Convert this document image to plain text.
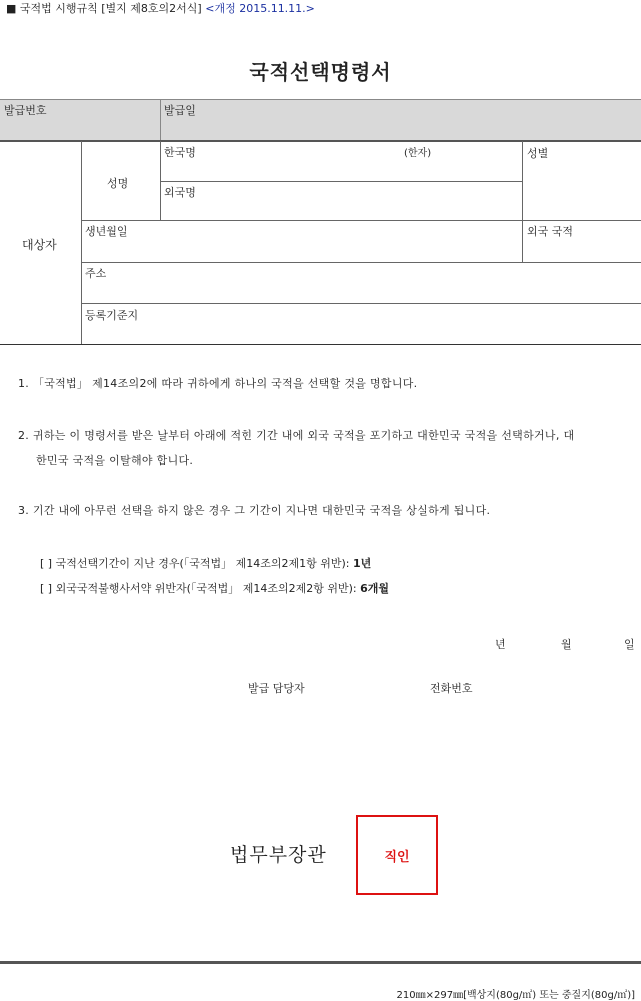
■ 국적법 시행규칙 [별지 제8호의2서식] <개정 2015.11.11.>
국적선택명령서
발급번호	발급일
대상자
성명
한국명	(한자)
외국명
성별
생년월일	외국 국적
주소
등록기준지
1. 「국적법」 제14조의2에 따라 귀하에게 하나의 국적을 선택할 것을 명합니다.
2. 귀하는 이 명령서를 받은 날부터 아래에 적힌 기간 내에 외국 국적을 포기하고 대한민국 국적을 선택하거나, 대
한민국 국적을 이탈해야 합니다.
3. 기간 내에 아무런 선택을 하지 않은 경우 그 기간이 지나면 대한민국 국적을 상실하게 됩니다.
[ ] 국적선택기간이 지난 경우(「국적법」 제14조의2제1항 위반): 1년
[ ] 외국국적불행사서약 위반자(「국적법」 제14조의2제2항 위반): 6개월
년	월	일
발급 담당자	전화번호
법무부장관	직인
210㎜×297㎜[백상지(80g/㎡) 또는 중질지(80g/㎡)]
